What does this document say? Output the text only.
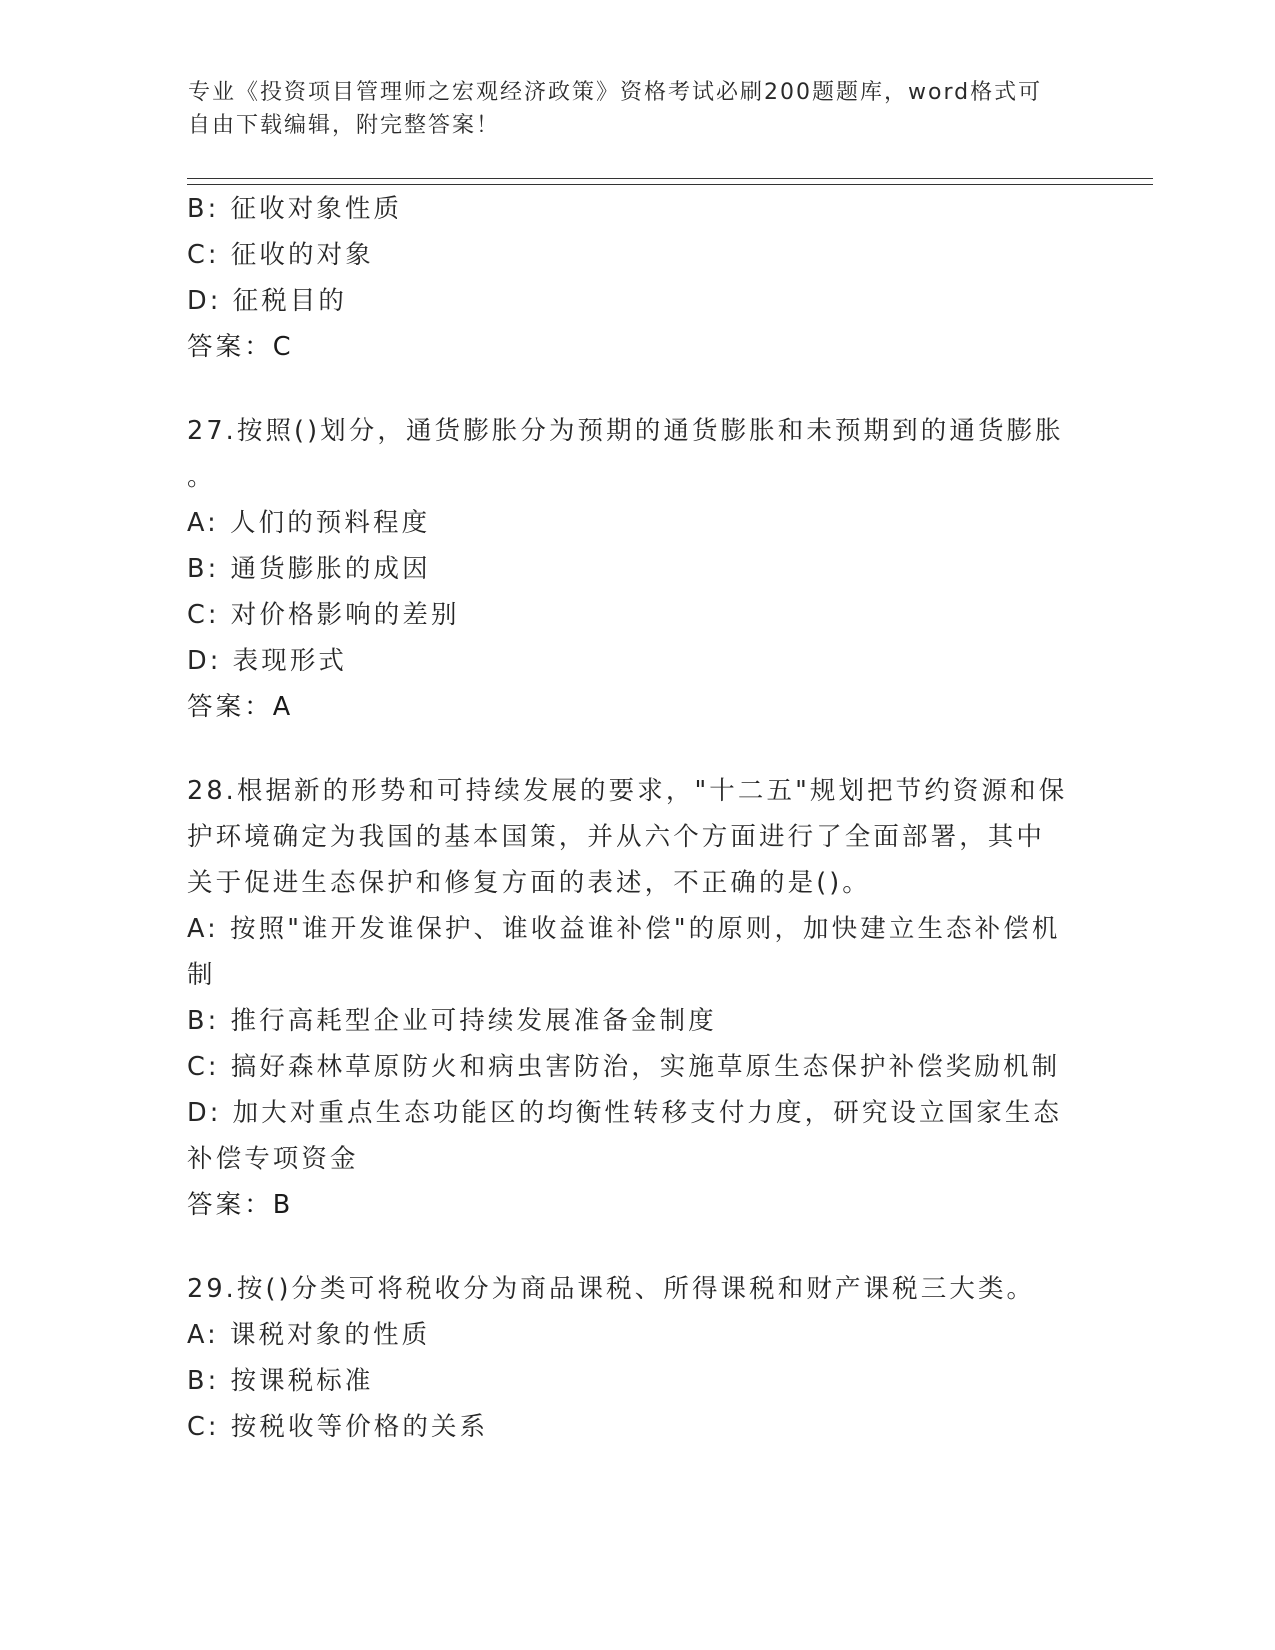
专业《投资项目管理师之宏观经济政策》资格考试必刷200题题库，word格式可
自由下载编辑，附完整答案！
B: 征收对象性质
C: 征收的对象
D: 征税目的
答案：C
27.按照()划分，通货膨胀分为预期的通货膨胀和未预期到的通货膨胀
。
A: 人们的预料程度
B: 通货膨胀的成因
C: 对价格影响的差别
D: 表现形式
答案：A
28.根据新的形势和可持续发展的要求，"十二五"规划把节约资源和保
护环境确定为我国的基本国策，并从六个方面进行了全面部署，其中
关于促进生态保护和修复方面的表述，不正确的是()。
A: 按照"谁开发谁保护、谁收益谁补偿"的原则，加快建立生态补偿机
制
B: 推行高耗型企业可持续发展准备金制度
C: 搞好森林草原防火和病虫害防治，实施草原生态保护补偿奖励机制
D: 加大对重点生态功能区的均衡性转移支付力度，研究设立国家生态
补偿专项资金
答案：B
29.按()分类可将税收分为商品课税、所得课税和财产课税三大类。
A: 课税对象的性质
B: 按课税标准
C: 按税收等价格的关系
